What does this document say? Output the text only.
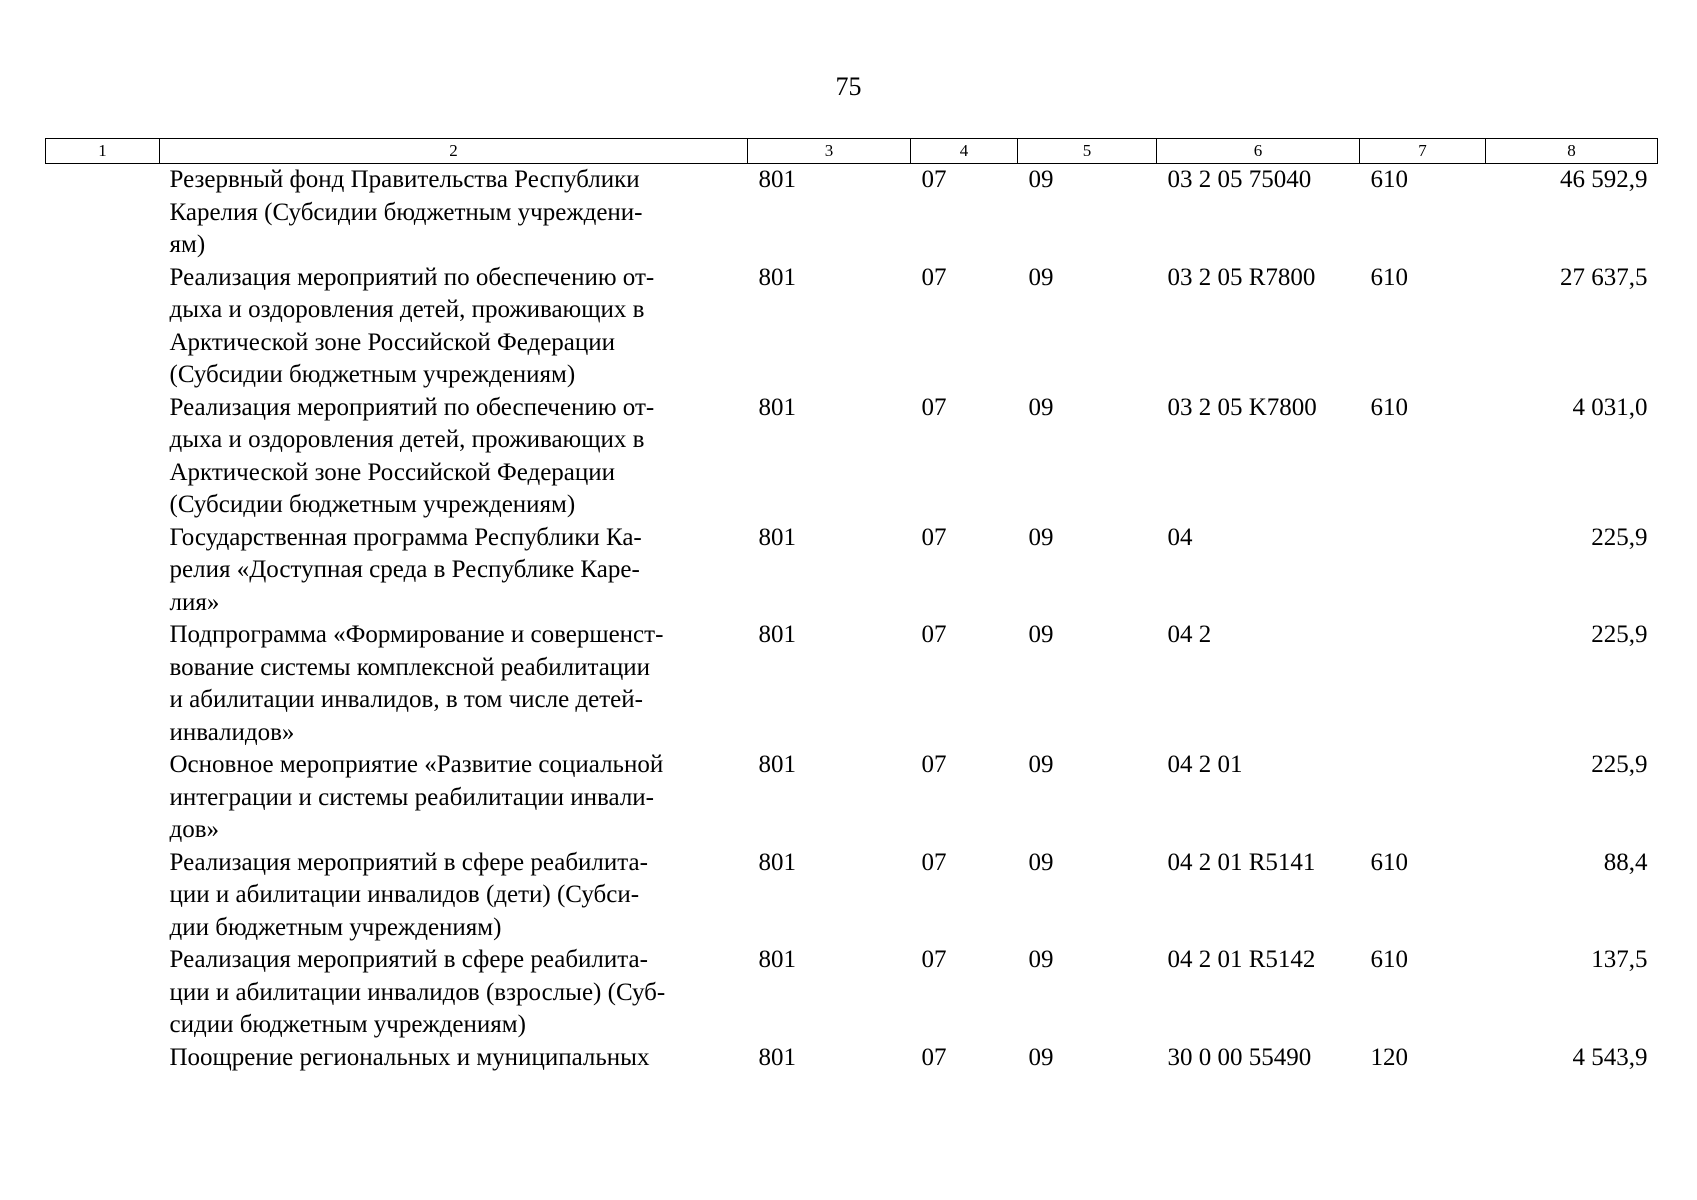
75
1	2	3	4	5	6	7	8

	Резервный фонд Правительства Республики
Карелия (Субсидии бюджетным учреждени-
ям)	801	07	09	03 2 05 75040	610	46 592,9

	Реализация мероприятий по обеспечению от-
дыха и оздоровления детей, проживающих в
Арктической зоне Российской Федерации
(Субсидии бюджетным учреждениям)	801	07	09	03 2 05 R7800	610	27 637,5

	Реализация мероприятий по обеспечению от-
дыха и оздоровления детей, проживающих в
Арктической зоне Российской Федерации
(Субсидии бюджетным учреждениям)	801	07	09	03 2 05 K7800	610	4 031,0

	Государственная программа Республики Ка-
релия «Доступная среда в Республике Каре-
лия»	801	07	09	04		225,9

	Подпрограмма «Формирование и совершенст-
вование системы комплексной реабилитации
и абилитации инвалидов, в том числе детей-
инвалидов»	801	07	09	04 2		225,9

	Основное мероприятие «Развитие социальной
интеграции и системы реабилитации инвали-
дов»	801	07	09	04 2 01		225,9

	Реализация мероприятий в сфере реабилита-
ции и абилитации инвалидов (дети) (Субси-
дии бюджетным учреждениям)	801	07	09	04 2 01 R5141	610	88,4

	Реализация мероприятий в сфере реабилита-
ции и абилитации инвалидов (взрослые) (Суб-
сидии бюджетным учреждениям)	801	07	09	04 2 01 R5142	610	137,5

	Поощрение региональных и муниципальных	801	07	09	30 0 00 55490	120	4 543,9
